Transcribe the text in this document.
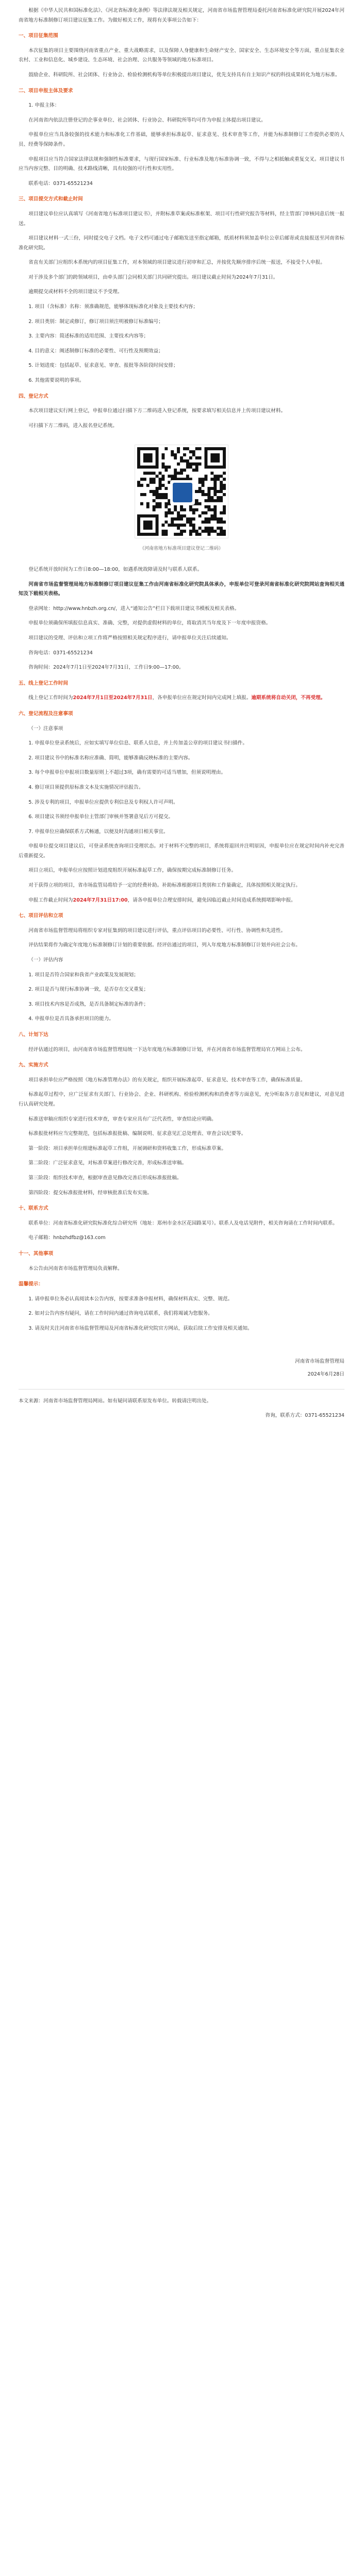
根据《中华人民共和国标准化法》、《河北省标准化条例》等法律法规及相关规定，河南省市场监督管理局委托河南省标准化研究院开展2024年河南省地方标准制修订项目建议征集工作。为做好相关工作，现将有关事项公告如下：

一、项目征集范围

本次征集的项目主要围绕河南省重点产业、重大战略需求，以及保障人身健康和生命财产安全、国家安全、生态环境安全等方面，重点征集农业农村、工业和信息化、城乡建设、生态环境、社会治理、公共服务等领域的地方标准项目。

鼓励企业、科研院所、社会团体、行业协会、检验检测机构等单位积极提出项目建议，优先支持具有自主知识产权的科技成果转化为地方标准。

二、项目申报主体及要求

1. 申报主体：

在河南省内依法注册登记的企事业单位、社会团体、行业协会、科研院所等均可作为申报主体提出项目建议。

申报单位应当具备较强的技术能力和标准化工作基础，能够承担标准起草、征求意见、技术审查等工作，并能为标准制修订工作提供必要的人员、经费等保障条件。

申报项目应当符合国家法律法规和强制性标准要求，与现行国家标准、行业标准及地方标准协调一致，不得与之相抵触或重复交叉。项目建议书应当内容完整、目的明确、技术路线清晰，具有较强的可行性和实用性。

联系电话：0371-65521234

三、项目提交方式和截止时间

项目建议单位应认真填写《河南省地方标准项目建议书》，并附标准草案或标准框架、项目可行性研究报告等材料，经主管部门审核同意后统一报送。

项目建议材料一式三份，同时提交电子文档。电子文档可通过电子邮箱发送至指定邮箱，纸质材料须加盖单位公章后邮寄或直接报送至河南省标准化研究院。

省直有关部门应组织本系统内的项目征集工作，对本领域的项目建议进行初审和汇总，并按优先顺序排序后统一报送，不接受个人申报。

对于涉及多个部门的跨领域项目，由牵头部门会同相关部门共同研究提出。项目建议截止时间为2024年7月31日。

逾期提交或材料不全的项目建议不予受理。

1. 项目（含标准）名称：须准确规范，能够体现标准化对象及主要技术内容；

2. 项目类别：制定或修订，修订项目须注明被修订标准编号；

3. 主要内容：简述标准的适用范围、主要技术内容等；

4. 目的意义：阐述制修订标准的必要性、可行性及预期效益；

5. 计划进度：包括起草、征求意见、审查、报批等各阶段时间安排；

6. 其他需要说明的事项。

四、登记方式

本次项目建议实行网上登记，申报单位通过扫描下方二维码进入登记系统，按要求填写相关信息并上传项目建议材料。

可扫描下方二维码，进入报名登记系统。

（河南省地方标准项目建议登记二维码）

登记系统开放时间为工作日8:00—18:00，如遇系统故障请及时与联系人联系。

河南省市场监督管理局地方标准制修订项目建议征集工作由河南省标准化研究院具体承办，申报单位可登录河南省标准化研究院网站查询相关通知及下载相关表格。

登录网址：http://www.hnbzh.org.cn/，进入“通知公告”栏目下载项目建议书模板及相关表格。

申报单位须确保所填报信息真实、准确、完整，对提供虚假材料的单位，将取消其当年度及下一年度申报资格。

项目建议的受理、评估和立项工作将严格按照相关规定程序进行，请申报单位关注后续通知。

咨询电话：0371-65521234

咨询时间：2024年7月1日至2024年7月31日，工作日9:00—17:00。

五、线上登记工作时间

线上登记工作时间为2024年7月1日至2024年7月31日，各申报单位应在规定时间内完成网上填报。逾期系统将自动关闭，不再受理。

六、登记流程及注意事项

（一）注意事项

1. 申报单位登录系统后，应如实填写单位信息、联系人信息，并上传加盖公章的项目建议书扫描件。

2. 项目建议书中的标准名称应准确、简明，能够准确反映标准的主要内容。

3. 每个申报单位申报项目数量原则上不超过3项，确有需要的可适当增加，但须说明理由。

4. 修订项目须提供原标准文本及实施情况评估报告。

5. 涉及专利的项目，申报单位应提供专利信息及专利权人许可声明。

6. 项目建议书须经申报单位主管部门审核并签署意见后方可提交。

7. 申报单位应确保联系方式畅通，以便及时沟通项目相关事宜。

申报单位提交项目建议后，可登录系统查询项目受理状态。对于材料不完整的项目，系统将退回并注明原因，申报单位应在规定时间内补充完善后重新提交。

项目立项后，申报单位应按照计划进度组织开展标准起草工作，确保按期完成标准制修订任务。

对于获得立项的项目，省市场监管局将给予一定的经费补助。补助标准根据项目类别和工作量确定，具体按照相关规定执行。

申报工作截止时间为2024年7月31日17:00，请各申报单位合理安排时间，避免因临近截止时间造成系统拥堵影响申报。

七、项目评估和立项

河南省市场监督管理局将组织专家对征集到的项目建议进行评估，重点评估项目的必要性、可行性、协调性和先进性。

评估结果将作为确定年度地方标准制修订计划的重要依据。经评估通过的项目，列入年度地方标准制修订计划并向社会公布。

（一）评估内容

1. 项目是否符合国家和我省产业政策及发展规划；

2. 项目是否与现行标准协调一致，是否存在交叉重复；

3. 项目技术内容是否成熟，是否具备制定标准的条件；

4. 申报单位是否具备承担项目的能力。

八、计划下达

经评估通过的项目，由河南省市场监督管理局统一下达年度地方标准制修订计划，并在河南省市场监督管理局官方网站上公布。

九、实施方式

项目承担单位应严格按照《地方标准管理办法》的有关规定，组织开展标准起草、征求意见、技术审查等工作，确保标准质量。

标准起草过程中，应广泛征求有关部门、行业协会、企业、科研机构、检验检测机构和消费者等方面意见，充分听取各方意见和建议，对意见进行认真研究处理。

标准送审稿应组织专家进行技术审查，审查专家应具有广泛代表性，审查结论应明确。

标准报批材料应当完整规范，包括标准报批稿、编制说明、征求意见汇总处理表、审查会议纪要等。

第一阶段：项目承担单位组建标准起草工作组，开展调研和资料收集工作，形成标准草案。

第二阶段：广泛征求意见，对标准草案进行修改完善，形成标准送审稿。

第三阶段：组织技术审查，根据审查意见修改完善后形成标准报批稿。

第四阶段：提交标准报批材料，经审核批准后发布实施。

十、联系方式

联系单位：河南省标准化研究院标准化综合研究所（地址：郑州市金水区花园路某号）。联系人及电话见附件，相关咨询请在工作时间内联系。

电子邮箱：hnbzhdfbz@163.com

十一、其他事项

本公告由河南省市场监督管理局负责解释。

温馨提示：

1. 请申报单位务必认真阅读本公告内容，按要求准备申报材料，确保材料真实、完整、规范。

2. 如对公告内容有疑问，请在工作时间内通过咨询电话联系，我们将竭诚为您服务。

3. 请及时关注河南省市场监督管理局及河南省标准化研究院官方网站，获取后续工作安排及相关通知。

河南省市场监督管理局

2024年6月28日

本文来源：河南省市场监督管理局网站。如有疑问请联系原发布单位。转载请注明出处。

咨询，联系方式：0371-65521234
